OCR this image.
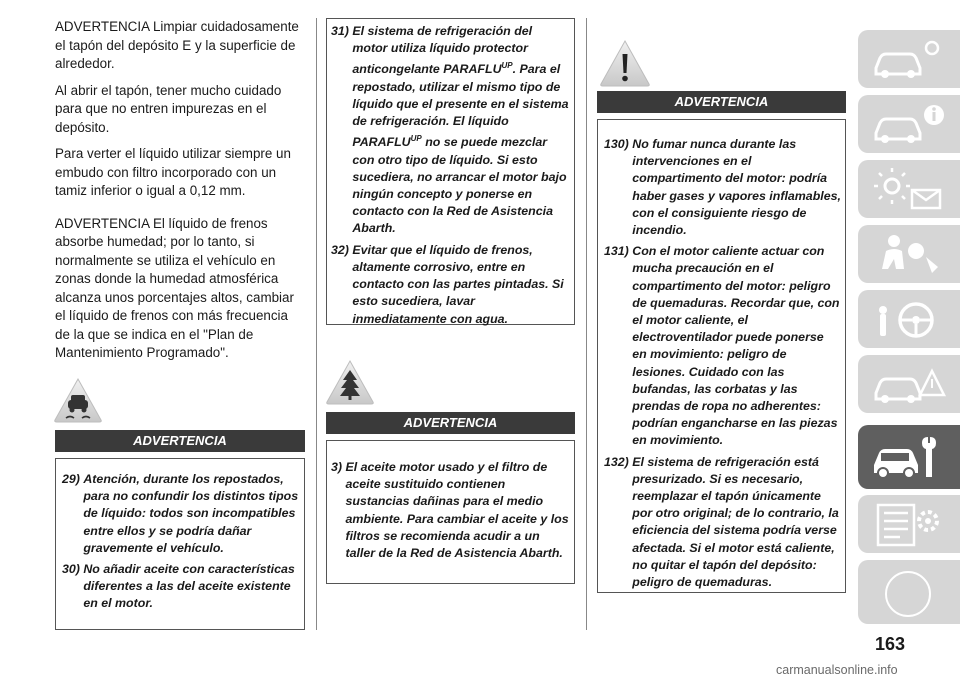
ADVERTENCIA Limpiar cuidadosamente el tapón del depósito E y la superficie de alrededor.

Al abrir el tapón, tener mucho cuidado para que no entren impurezas en el depósito.

Para verter el líquido utilizar siempre un embudo con filtro incorporado con un tamiz inferior o igual a 0,12 mm.

ADVERTENCIA El líquido de frenos absorbe humedad; por lo tanto, si normalmente se utiliza el vehículo en zonas donde la humedad atmosférica alcanza unos porcentajes altos, cambiar el líquido de frenos con más frecuencia de la que se indica en el "Plan de Mantenimiento Programado".

ADVERTENCIA
29) Atención, durante los repostados, para no confundir los distintos tipos de líquido: todos son incompatibles entre ellos y se podría dañar gravemente el vehículo.
30) No añadir aceite con características diferentes a las del aceite existente en el motor.
31) El sistema de refrigeración del motor utiliza líquido protector anticongelante $PARAFLU^{UP}$. Para el repostado, utilizar el mismo tipo de líquido que el presente en el sistema de refrigeración. El líquido $PARAFLU^{UP}$ no se puede mezclar con otro tipo de líquido. Si esto sucediera, no arrancar el motor bajo ningún concepto y ponerse en contacto con la Red de Asistencia Abarth.
32) Evitar que el líquido de frenos, altamente corrosivo, entre en contacto con las partes pintadas. Si esto sucediera, lavar inmediatamente con agua.
ADVERTENCIA
3) El aceite motor usado y el filtro de aceite sustituido contienen sustancias dañinas para el medio ambiente. Para cambiar el aceite y los filtros se recomienda acudir a un taller de la Red de Asistencia Abarth.
ADVERTENCIA
130) No fumar nunca durante las intervenciones en el compartimento del motor: podría haber gases y vapores inflamables, con el consiguiente riesgo de incendio.
131) Con el motor caliente actuar con mucha precaución en el compartimento del motor: peligro de quemaduras. Recordar que, con el motor caliente, el electroventilador puede ponerse en movimiento: peligro de lesiones. Cuidado con las bufandas, las corbatas y las prendas de ropa no adherentes: podrían engancharse en las piezas en movimiento.
132) El sistema de refrigeración está presurizado. Si es necesario, reemplazar el tapón únicamente por otro original; de lo contrario, la eficiencia del sistema podría verse afectada. Si el motor está caliente, no quitar el tapón del depósito: peligro de quemaduras.
163
carmanualsonline.info
